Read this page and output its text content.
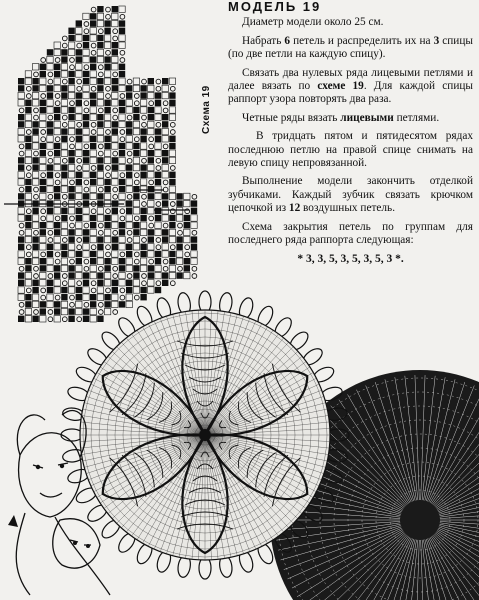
Схема 19
МОДЕЛЬ 19

Диаметр модели около 25 см.

Набрать 6 петель и распределить их на 3 спицы (по две петли на каждую спицу).

Связать два нулевых ряда лицевыми петлями и далее вязать по схеме 19. Для каждой спицы раппорт узора повторять два раза.

Четные ряды вязать лицевыми петлями.

В тридцать пятом и пятидесятом рядах последнюю петлю на правой спице снимать на левую спицу непровязанной.

Выполнение модели закончить отделкой зубчиками. Каждый зубчик связать крючком цепочкой из 12 воздушных петель.

Схема закрытия петель по группам для последнего ряда раппорта следующая:

* 3, 3, 5, 3, 5, 3, 5, 3 *.
